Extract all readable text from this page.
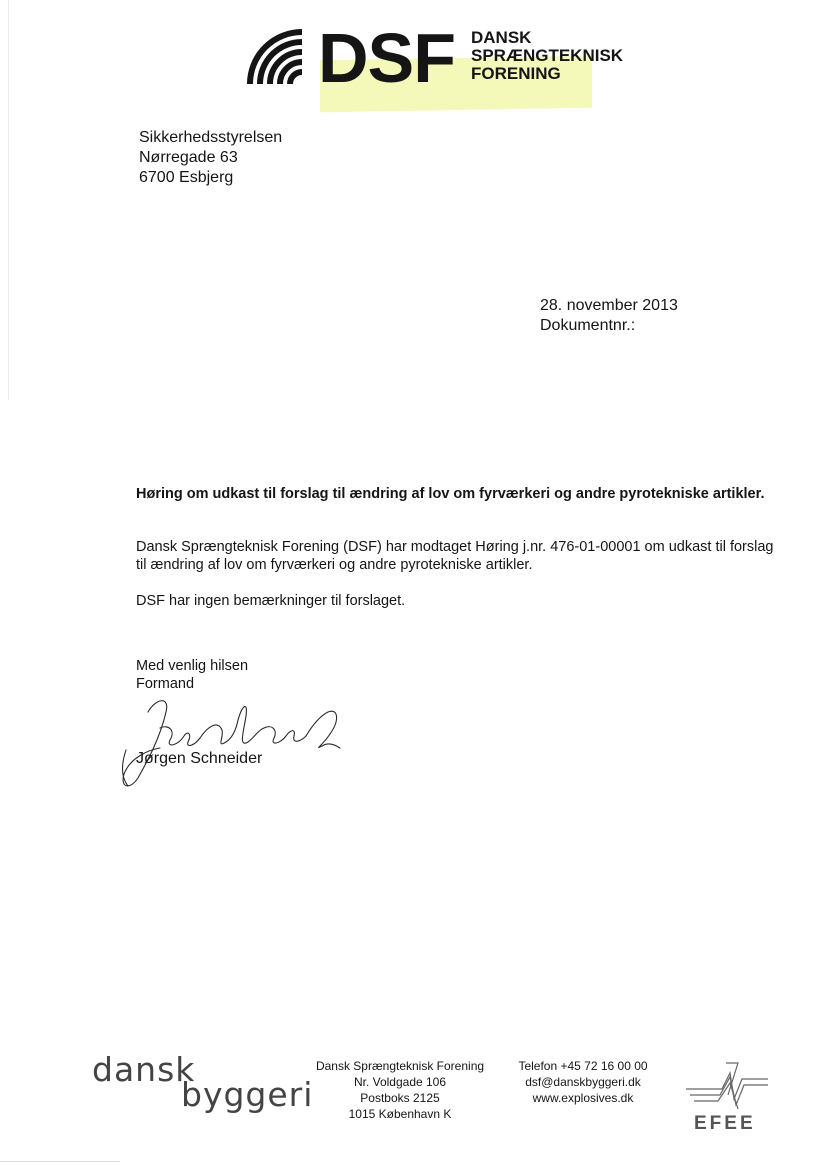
DSF DANSK
SPRÆNGTEKNISK
FORENING
Sikkerhedsstyrelsen
Nørregade 63
6700 Esbjerg
28. november 2013
Dokumentnr.:
Høring om udkast til forslag til ændring af lov om fyrværkeri og andre pyrotekniske artikler.
Dansk Sprængteknisk Forening (DSF) har modtaget Høring j.nr. 476-01-00001 om udkast til forslag til ændring af lov om fyrværkeri og andre pyrotekniske artikler.
DSF har ingen bemærkninger til forslaget.
Med venlig hilsen
Formand
Jørgen Schneider
dansk
byggeri
Dansk Sprængteknisk Forening
Nr. Voldgade 106
Postboks 2125
1015 København K
Telefon +45 72 16 00 00
dsf@danskbyggeri.dk
www.explosives.dk
EFEE
